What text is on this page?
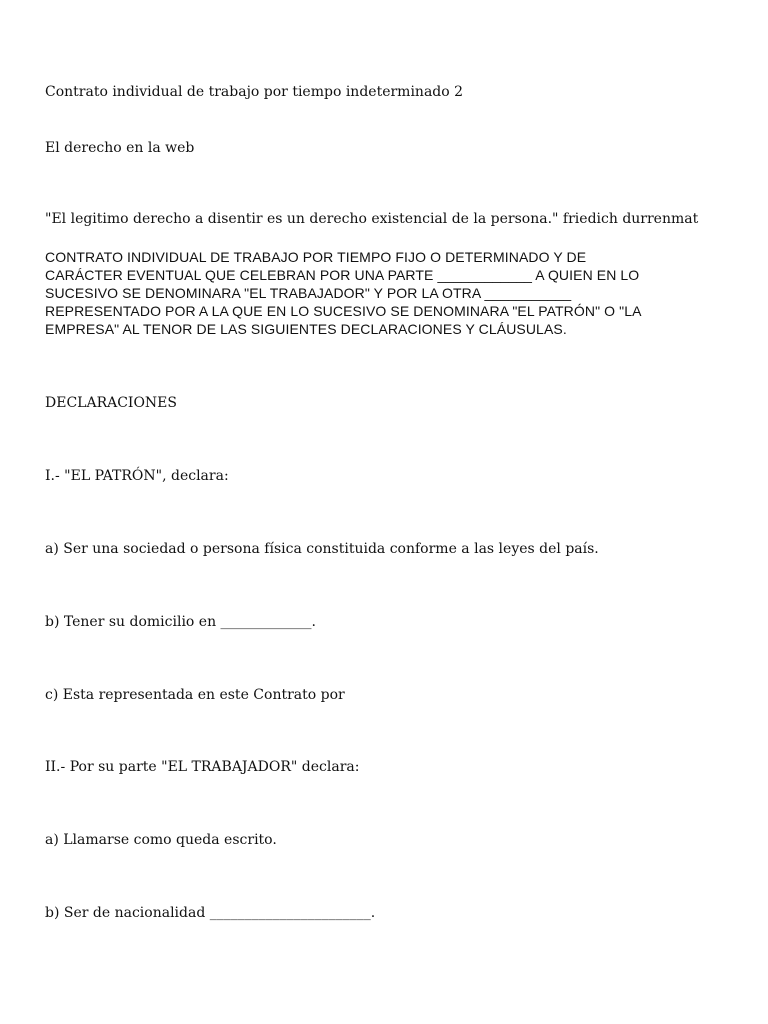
Contrato individual de trabajo por tiempo indeterminado 2

El derecho en la web

"El legitimo derecho a disentir es un derecho existencial de la persona." friedich durrenmat

CONTRATO INDIVIDUAL DE TRABAJO POR TIEMPO FIJO O DETERMINADO Y DE
CARÁCTER EVENTUAL QUE CELEBRAN POR UNA PARTE ____________ A QUIEN EN LO
SUCESIVO SE DENOMINARA "EL TRABAJADOR" Y POR LA OTRA ___________
REPRESENTADO POR A LA QUE EN LO SUCESIVO SE DENOMINARA "EL PATRÓN" O "LA
EMPRESA" AL TENOR DE LAS SIGUIENTES DECLARACIONES Y CLÁUSULAS.

DECLARACIONES

I.- "EL PATRÓN", declara:

a) Ser una sociedad o persona física constituida conforme a las leyes del país.

b) Tener su domicilio en _____________.

c) Esta representada en este Contrato por

II.- Por su parte "EL TRABAJADOR" declara:

a) Llamarse como queda escrito.

b) Ser de nacionalidad _______________________.
